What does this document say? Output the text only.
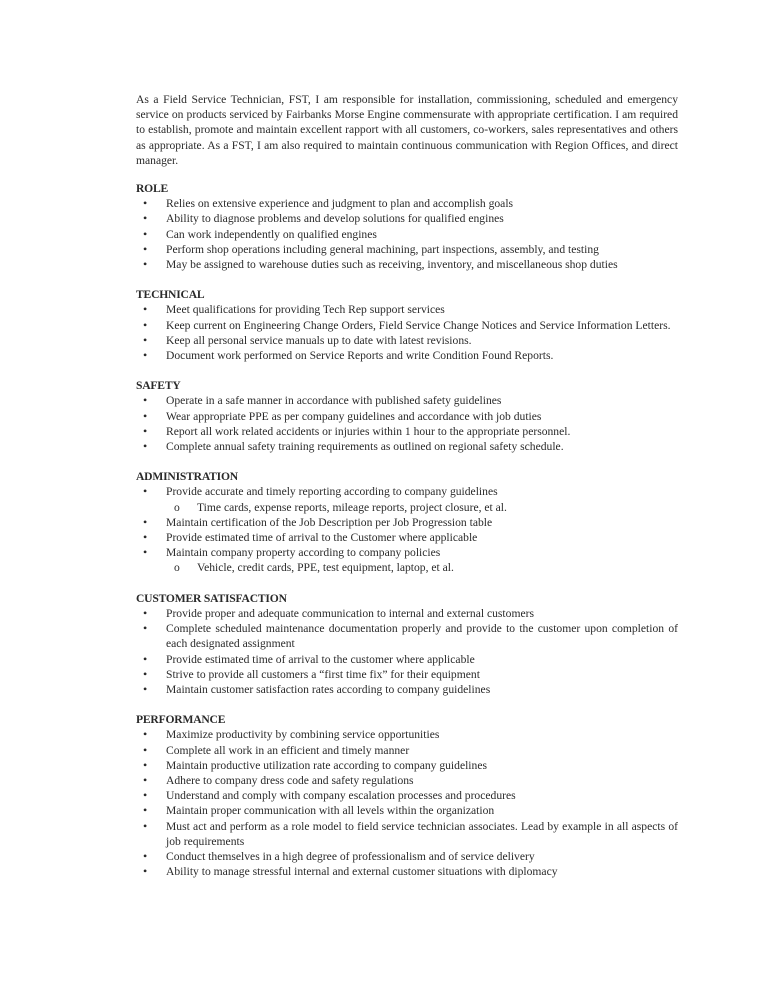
As a Field Service Technician, FST, I am responsible for installation, commissioning, scheduled and emergency service on products serviced by Fairbanks Morse Engine commensurate with appropriate certification. I am required to establish, promote and maintain excellent rapport with all customers, co-workers, sales representatives and others as appropriate. As a FST, I am also required to maintain continuous communication with Region Offices, and direct manager.

ROLE

• Relies on extensive experience and judgment to plan and accomplish goals
• Ability to diagnose problems and develop solutions for qualified engines
• Can work independently on qualified engines
• Perform shop operations including general machining, part inspections, assembly, and testing
• May be assigned to warehouse duties such as receiving, inventory, and miscellaneous shop duties

TECHNICAL

• Meet qualifications for providing Tech Rep support services
• Keep current on Engineering Change Orders, Field Service Change Notices and Service Information Letters.
• Keep all personal service manuals up to date with latest revisions.
• Document work performed on Service Reports and write Condition Found Reports.

SAFETY

• Operate in a safe manner in accordance with published safety guidelines
• Wear appropriate PPE as per company guidelines and accordance with job duties
• Report all work related accidents or injuries within 1 hour to the appropriate personnel.
• Complete annual safety training requirements as outlined on regional safety schedule.

ADMINISTRATION

• Provide accurate and timely reporting according to company guidelines
o Time cards, expense reports, mileage reports, project closure, et al.
• Maintain certification of the Job Description per Job Progression table
• Provide estimated time of arrival to the Customer where applicable
• Maintain company property according to company policies
o Vehicle, credit cards, PPE, test equipment, laptop, et al.

CUSTOMER SATISFACTION

• Provide proper and adequate communication to internal and external customers
• Complete scheduled maintenance documentation properly and provide to the customer upon completion of each designated assignment
• Provide estimated time of arrival to the customer where applicable
• Strive to provide all customers a “first time fix” for their equipment
• Maintain customer satisfaction rates according to company guidelines

PERFORMANCE

• Maximize productivity by combining service opportunities
• Complete all work in an efficient and timely manner
• Maintain productive utilization rate according to company guidelines
• Adhere to company dress code and safety regulations
• Understand and comply with company escalation processes and procedures
• Maintain proper communication with all levels within the organization
• Must act and perform as a role model to field service technician associates. Lead by example in all aspects of job requirements
• Conduct themselves in a high degree of professionalism and of service delivery
• Ability to manage stressful internal and external customer situations with diplomacy
